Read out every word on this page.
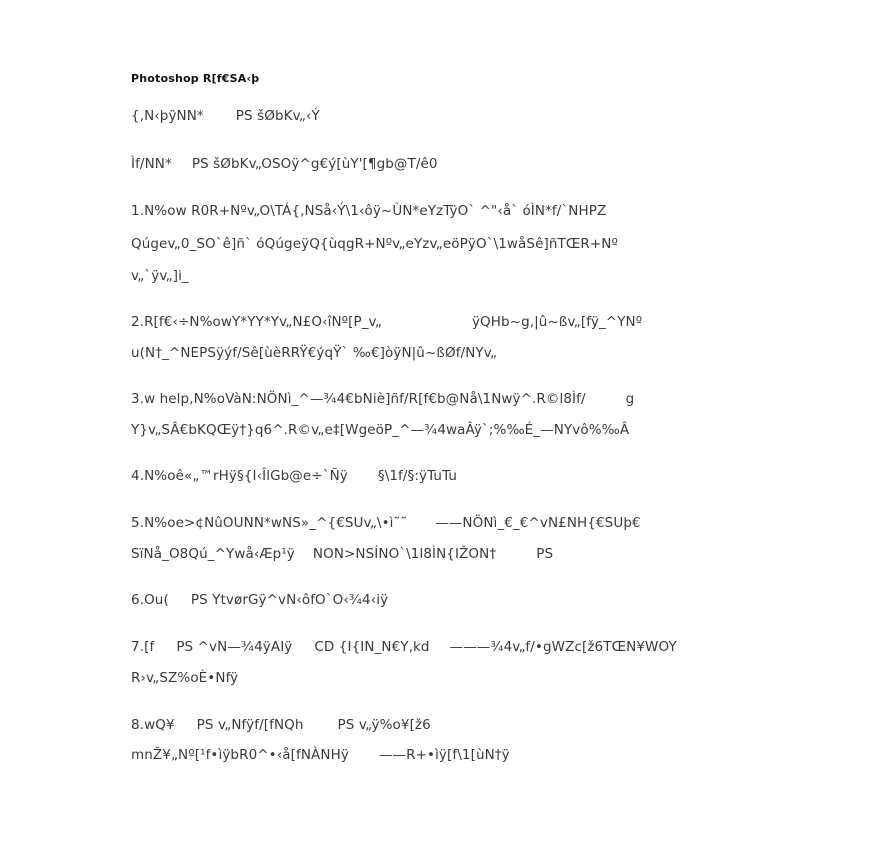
Photoshop R[f€SA‹þ
{,N‹þÿNN* PS šØbKv„‹Ý
Ìf/NN* PS šØbKv„OSOÿ^g€ý[ùY'[¶gb@T/ê0
1.N%ow R0R+Nºv„O\TÁ{,NSå‹Ý\1‹ôÿ~ÙN*eYzTÿO` ^"‹å` óÌN*f/`NHPZ
Qúgev„0_SO`ê]ñ` óQúgeÿQ{ùqgR+Nºv„eYzv„eöPÿO`\1wåSê]ñTŒR+Nº
v„`ÿv„]i_
2.R[f€‹÷N%owY*YY*Yv„N£O‹îNº[P_v„	ÿQHb~g‚|û~ßv„[fÿ_^YNº
u(N†_^NEPSÿýf/Sê[ùèRRŸ€ýqŸ` ‰€]òÿN|û~ßØf/NYv„
3.w help,N%oVàN:NÖNì_^—¾4€bNiè]ñf/R[f€b@Nå\1Nwÿ^.R©l8Ìf/	g
Y}v„SÂ€bKQŒÿ†}q6^.R©v„e‡[WgeöP_^—¾4waÂÿ`;%‰É_—NYvô%‰Â
4.N%oê«„™rHÿ§{I‹ÎlGb@e÷`Ñÿ §\1f/§:ÿTuTu
5.N%oe>¢NûOUNN*wNS»_^{€SUv„\•ì˜˜ ——NÖNì_€_€^vN£NH{€SUþ€
SïNå_O8Qú_^Ywå‹Æp¹ÿ NON>NSÍNO`\1l8ÌN{IŽON†	PS
6.Ou( PS YtvørGÿ^vN‹ôfO`O‹¾4‹iÿ
7.[f PS ^vN—¾4ÿAIÿ CD {I{IN_N€Y‚kd ———¾4v„f/•gWZc[ž6TŒN¥WOY
R›v„SZ%oÈ•Nfÿ
8.wQ¥ PS v„Nfÿf/[fNQh	PS v„ÿ%o¥[ž6
mnŽ¥„Nº[¹f•ìÿbR0^•‹å[fNÀNHÿ ——R+•ìÿ[f\1[ùN†ÿ
